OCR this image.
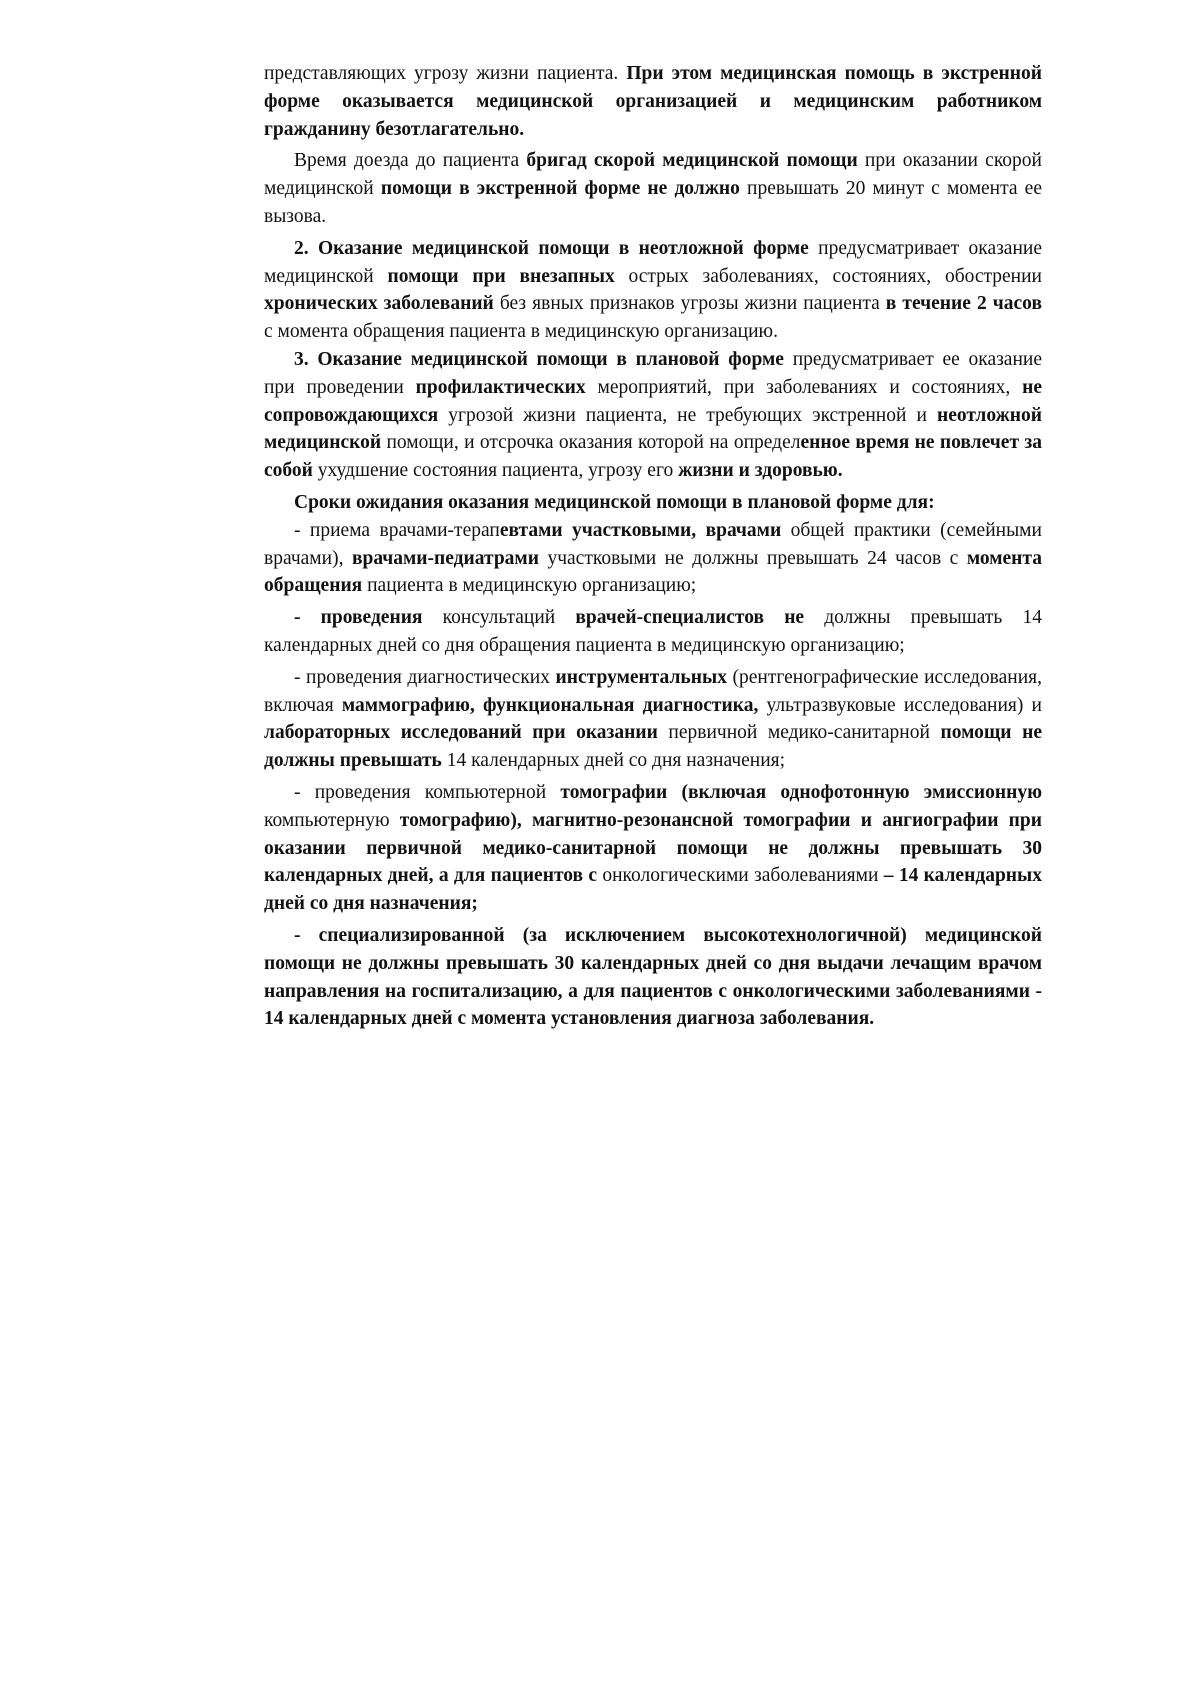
представляющих угрозу жизни пациента. При этом медицинская помощь в экстренной форме оказывается медицинской организацией и медицинским работником гражданину безотлагательно.

Время доезда до пациента бригад скорой медицинской помощи при оказании скорой медицинской помощи в экстренной форме не должно превышать 20 минут с момента ее вызова.

2. Оказание медицинской помощи в неотложной форме предусматривает оказание медицинской помощи при внезапных острых заболеваниях, состояниях, обострении хронических заболеваний без явных признаков угрозы жизни пациента в течение 2 часов с момента обращения пациента в медицинскую организацию.

3. Оказание медицинской помощи в плановой форме предусматривает ее оказание при проведении профилактических мероприятий, при заболеваниях и состояниях, не сопровождающихся угрозой жизни пациента, не требующих экстренной и неотложной медицинской помощи, и отсрочка оказания которой на определенное время не повлечет за собой ухудшение состояния пациента, угрозу его жизни и здоровью.

Сроки ожидания оказания медицинской помощи в плановой форме для:

- приема врачами-терапевтами участковыми, врачами общей практики (семейными врачами), врачами-педиатрами участковыми не должны превышать 24 часов с момента обращения пациента в медицинскую организацию;

- проведения консультаций врачей-специалистов не должны превышать 14 календарных дней со дня обращения пациента в медицинскую организацию;

- проведения диагностических инструментальных (рентгенографические исследования, включая маммографию, функциональная диагностика, ультразвуковые исследования) и лабораторных исследований при оказании первичной медико-санитарной помощи не должны превышать 14 календарных дней со дня назначения;

- проведения компьютерной томографии (включая однофотонную эмиссионную компьютерную томографию), магнитно-резонансной томографии и ангиографии при оказании первичной медико-санитарной помощи не должны превышать 30 календарных дней, а для пациентов с онкологическими заболеваниями – 14 календарных дней со дня назначения;

- специализированной (за исключением высокотехнологичной) медицинской помощи не должны превышать 30 календарных дней со дня выдачи лечащим врачом направления на госпитализацию, а для пациентов с онкологическими заболеваниями - 14 календарных дней с момента установления диагноза заболевания.
